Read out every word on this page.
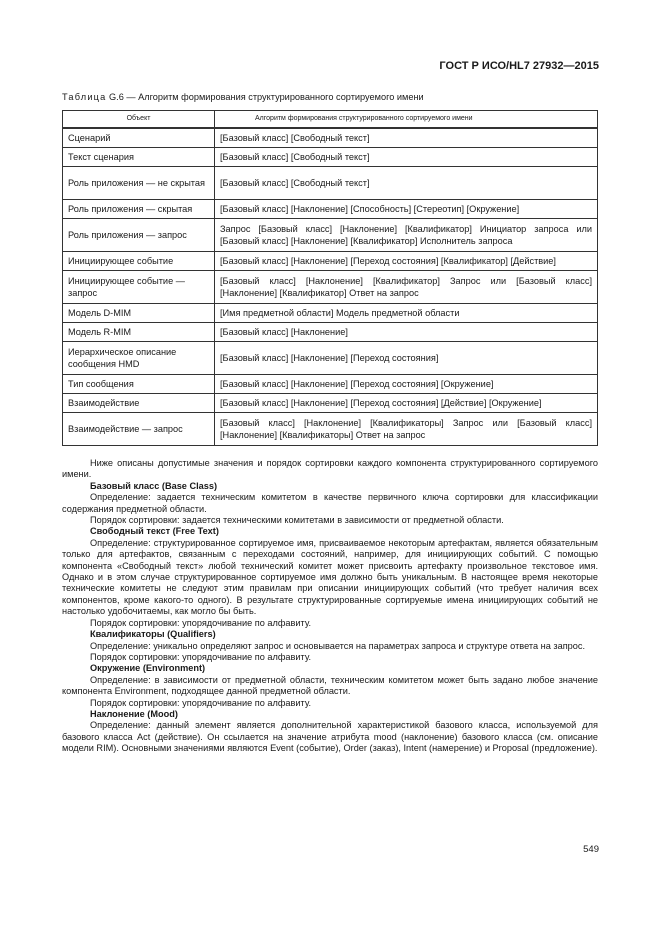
ГОСТ Р ИСО/HL7 27932—2015
Таблица G.6 — Алгоритм формирования структурированного сортируемого имени
Объект	Алгоритм формирования структурированного сортируемого имени
Сценарий	[Базовый класс] [Свободный текст]
Текст сценария	[Базовый класс] [Свободный текст]
Роль приложения — не скрытая	[Базовый класс] [Свободный текст]
Роль приложения — скрытая	[Базовый класс] [Наклонение] [Способность] [Стереотип] [Окружение]
Роль приложения — запрос	Запрос [Базовый класс] [Наклонение] [Квалификатор] Инициатор запроса или [Базовый класс] [Наклонение] [Квалификатор] Исполнитель запроса
Инициирующее событие	[Базовый класс] [Наклонение] [Переход состояния] [Квалификатор] [Действие]
Инициирующее событие — запрос	[Базовый класс] [Наклонение] [Квалификатор] Запрос или [Базовый класс] [Наклонение] [Квалификатор] Ответ на запрос
Модель D-MIM	[Имя предметной области] Модель предметной области
Модель R-MIM	[Базовый класс] [Наклонение]
Иерархическое описание сообщения HMD	[Базовый класс] [Наклонение] [Переход состояния]
Тип сообщения	[Базовый класс] [Наклонение] [Переход состояния] [Окружение]
Взаимодействие	[Базовый класс] [Наклонение] [Переход состояния] [Действие] [Окружение]
Взаимодействие — запрос	[Базовый класс] [Наклонение] [Квалификаторы] Запрос или [Базовый класс] [Наклонение] [Квалификаторы] Ответ на запрос

Ниже описаны допустимые значения и порядок сортировки каждого компонента структурированного сортируемого имени.

Базовый класс (Base Class)

Определение: задается техническим комитетом в качестве первичного ключа сортировки для классификации содержания предметной области.

Порядок сортировки: задается техническими комитетами в зависимости от предметной области.

Свободный текст (Free Text)

Определение: структурированное сортируемое имя, присваиваемое некоторым артефактам, является обязательным только для артефактов, связанным с переходами состояний, например, для инициирующих событий. С помощью компонента «Свободный текст» любой технический комитет может присвоить артефакту произвольное текстовое имя. Однако и в этом случае структурированное сортируемое имя должно быть уникальным. В настоящее время некоторые технические комитеты не следуют этим правилам при описании инициирующих событий (что требует наличия всех компонентов, кроме какого-то одного). В результате структурированные сортируемые имена инициирующих событий не настолько удобочитаемы, как могло бы быть.

Порядок сортировки: упорядочивание по алфавиту.

Квалификаторы (Qualifiers)

Определение: уникально определяют запрос и основывается на параметрах запроса и структуре ответа на запрос.

Порядок сортировки: упорядочивание по алфавиту.

Окружение (Environment)

Определение: в зависимости от предметной области, техническим комитетом может быть задано любое значение компонента Environment, подходящее данной предметной области.

Порядок сортировки: упорядочивание по алфавиту.

Наклонение (Mood)

Определение: данный элемент является дополнительной характеристикой базового класса, используемой для базового класса Act (действие). Он ссылается на значение атрибута mood (наклонение) базового класса (см. описание модели RIM). Основными значениями являются Event (событие), Order (заказ), Intent (намерение) и Proposal (предложение).

549
